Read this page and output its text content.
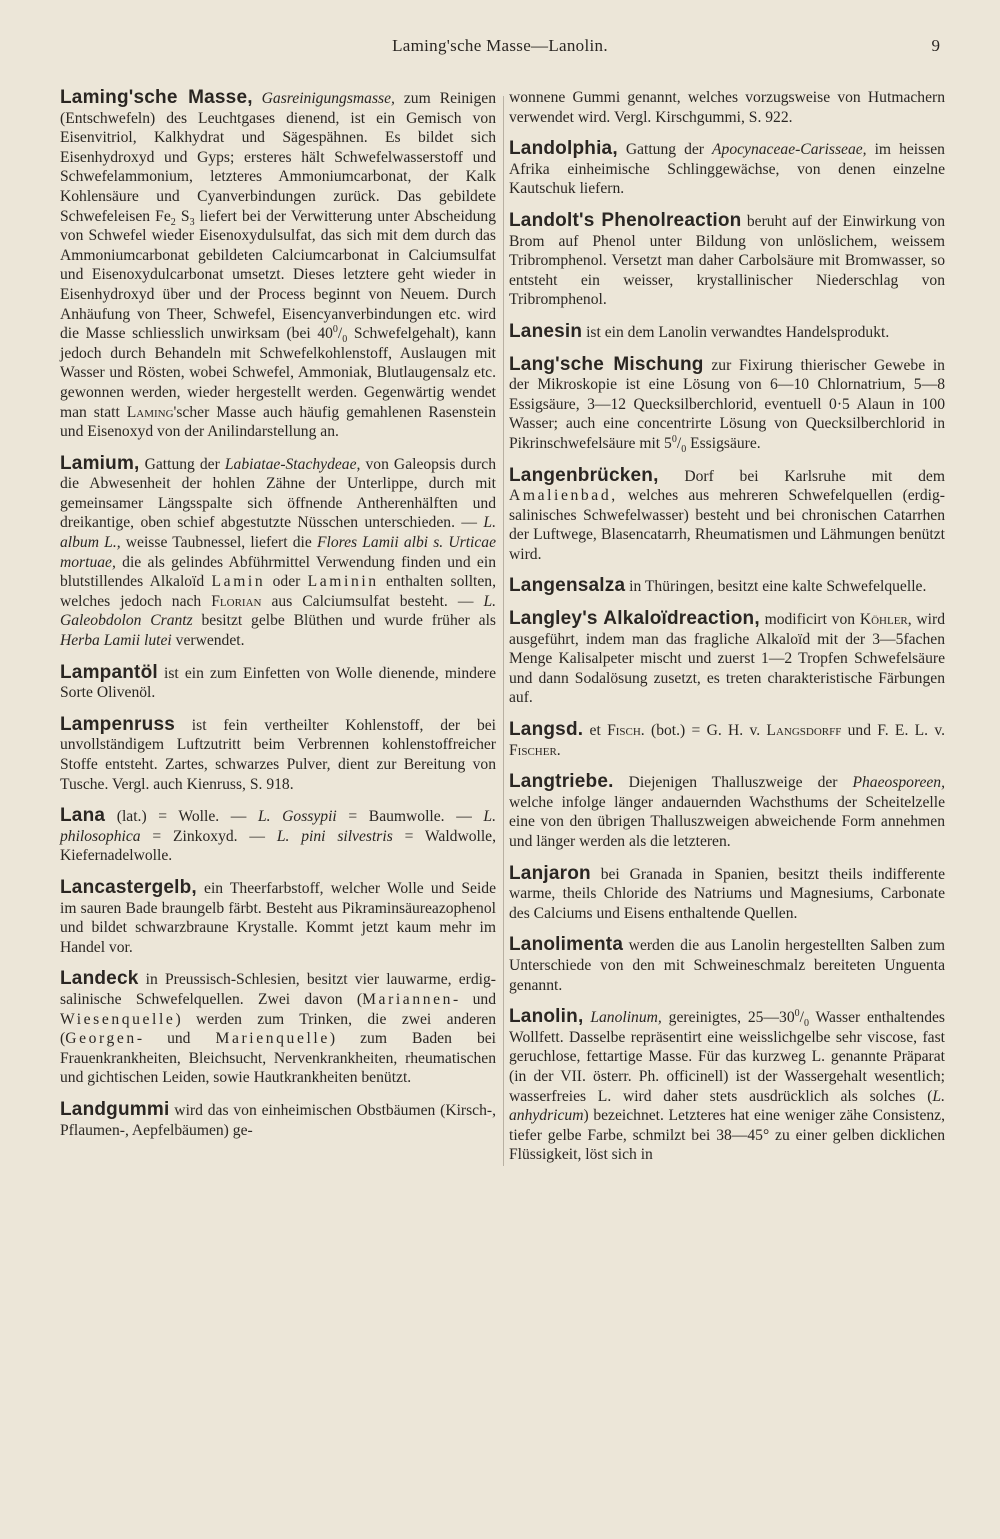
Laming'sche Masse—Lanolin.	9

Laming'sche Masse, Gasreinigungsmasse, zum Reinigen (Entschwefeln) des Leuchtgases dienend, ist ein Gemisch von Eisenvitriol, Kalkhydrat und Sägespähnen. Es bildet sich Eisenhydroxyd und Gyps; ersteres hält Schwefelwasserstoff und Schwefelammonium, letzteres Ammoniumcarbonat, der Kalk Kohlensäure und Cyanverbindungen zurück. Das gebildete Schwefeleisen $Fe_2$ $S_3$ liefert bei der Verwitterung unter Abscheidung von Schwefel wieder Eisenoxydulsulfat, das sich mit dem durch das Ammoniumcarbonat gebildeten Calciumcarbonat in Calciumsulfat und Eisenoxydulcarbonat umsetzt. Dieses letztere geht wieder in Eisenhydroxyd über und der Process beginnt von Neuem. Durch Anhäufung von Theer, Schwefel, Eisencyanverbindungen etc. wird die Masse schliesslich unwirksam (bei $40^0/_0$ Schwefelgehalt), kann jedoch durch Behandeln mit Schwefelkohlenstoff, Auslaugen mit Wasser und Rösten, wobei Schwefel, Ammoniak, Blutlaugensalz etc. gewonnen werden, wieder hergestellt werden. Gegenwärtig wendet man statt Laming'scher Masse auch häufig gemahlenen Rasenstein und Eisenoxyd von der Anilindarstellung an.

Lamium, Gattung der Labiatae-Stachydeae, von Galeopsis durch die Abwesenheit der hohlen Zähne der Unterlippe, durch mit gemeinsamer Längsspalte sich öffnende Antherenhälften und dreikantige, oben schief abgestutzte Nüsschen unterschieden. — L. album L., weisse Taubnessel, liefert die Flores Lamii albi s. Urticae mortuae, die als gelindes Abführmittel Verwendung finden und ein blutstillendes Alkaloïd Lamin oder Laminin enthalten sollten, welches jedoch nach Florian aus Calciumsulfat besteht. — L. Galeobdolon Crantz besitzt gelbe Blüthen und wurde früher als Herba Lamii lutei verwendet.

Lampantöl ist ein zum Einfetten von Wolle dienende, mindere Sorte Olivenöl.

Lampenruss ist fein vertheilter Kohlenstoff, der bei unvollständigem Luftzutritt beim Verbrennen kohlenstoffreicher Stoffe entsteht. Zartes, schwarzes Pulver, dient zur Bereitung von Tusche. Vergl. auch Kienruss, S. 918.

Lana (lat.) = Wolle. — L. Gossypii = Baumwolle. — L. philosophica = Zinkoxyd. — L. pini silvestris = Waldwolle, Kiefernadelwolle.

Lancastergelb, ein Theerfarbstoff, welcher Wolle und Seide im sauren Bade braungelb färbt. Besteht aus Pikraminsäureazophenol und bildet schwarzbraune Krystalle. Kommt jetzt kaum mehr im Handel vor.

Landeck in Preussisch-Schlesien, besitzt vier lauwarme, erdig-salinische Schwefelquellen. Zwei davon (Mariannen- und Wiesenquelle) werden zum Trinken, die zwei anderen (Georgen- und Marienquelle) zum Baden bei Frauenkrankheiten, Bleichsucht, Nervenkrankheiten, rheumatischen und gichtischen Leiden, sowie Hautkrankheiten benützt.

Landgummi wird das von einheimischen Obstbäumen (Kirsch-, Pflaumen-, Aepfelbäumen) ge-

wonnene Gummi genannt, welches vorzugsweise von Hutmachern verwendet wird. Vergl. Kirschgummi, S. 922.

Landolphia, Gattung der Apocynaceae-Carisseae, im heissen Afrika einheimische Schlinggewächse, von denen einzelne Kautschuk liefern.

Landolt's Phenolreaction beruht auf der Einwirkung von Brom auf Phenol unter Bildung von unlöslichem, weissem Tribromphenol. Versetzt man daher Carbolsäure mit Bromwasser, so entsteht ein weisser, krystallinischer Niederschlag von Tribromphenol.

Lanesin ist ein dem Lanolin verwandtes Handelsprodukt.

Lang'sche Mischung zur Fixirung thierischer Gewebe in der Mikroskopie ist eine Lösung von 6—10 Chlornatrium, 5—8 Essigsäure, 3—12 Quecksilberchlorid, eventuell 0·5 Alaun in 100 Wasser; auch eine concentrirte Lösung von Quecksilberchlorid in Pikrinschwefelsäure mit $5^0/_0$ Essigsäure.

Langenbrücken, Dorf bei Karlsruhe mit dem Amalienbad, welches aus mehreren Schwefelquellen (erdig-salinisches Schwefelwasser) besteht und bei chronischen Catarrhen der Luftwege, Blasencatarrh, Rheumatismen und Lähmungen benützt wird.

Langensalza in Thüringen, besitzt eine kalte Schwefelquelle.

Langley's Alkaloïdreaction, modificirt von Köhler, wird ausgeführt, indem man das fragliche Alkaloïd mit der 3—5fachen Menge Kalisalpeter mischt und zuerst 1—2 Tropfen Schwefelsäure und dann Sodalösung zusetzt, es treten charakteristische Färbungen auf.

Langsd. et Fisch. (bot.) = G. H. v. Langsdorff und F. E. L. v. Fischer.

Langtriebe. Diejenigen Thalluszweige der Phaeosporeen, welche infolge länger andauernden Wachsthums der Scheitelzelle eine von den übrigen Thalluszweigen abweichende Form annehmen und länger werden als die letzteren.

Lanjaron bei Granada in Spanien, besitzt theils indifferente warme, theils Chloride des Natriums und Magnesiums, Carbonate des Calciums und Eisens enthaltende Quellen.

Lanolimenta werden die aus Lanolin hergestellten Salben zum Unterschiede von den mit Schweineschmalz bereiteten Unguenta genannt.

Lanolin, Lanolinum, gereinigtes, $25—30^0/_0$ Wasser enthaltendes Wollfett. Dasselbe repräsentirt eine weisslichgelbe sehr viscose, fast geruchlose, fettartige Masse. Für das kurzweg L. genannte Präparat (in der VII. österr. Ph. officinell) ist der Wassergehalt wesentlich; wasserfreies L. wird daher stets ausdrücklich als solches (L. anhydricum) bezeichnet. Letzteres hat eine weniger zähe Consistenz, tiefer gelbe Farbe, schmilzt bei 38—45° zu einer gelben dicklichen Flüssigkeit, löst sich in
